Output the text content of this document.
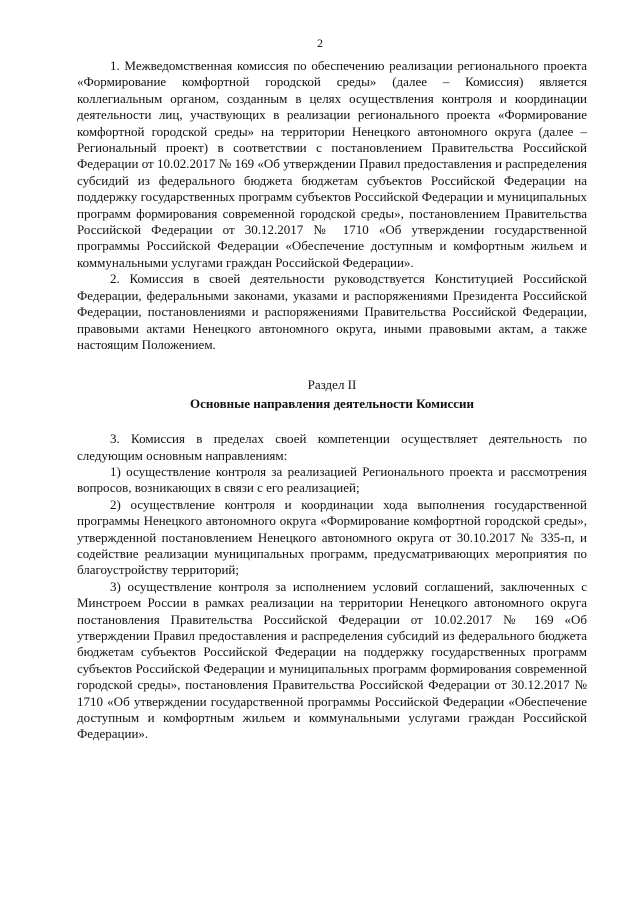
2

1. Межведомственная комиссия по обеспечению реализации регионального проекта «Формирование комфортной городской среды» (далее – Комиссия) является коллегиальным органом, созданным в целях осуществления контроля и координации деятельности лиц, участвующих в реализации регионального проекта «Формирование комфортной городской среды» на территории Ненецкого автономного округа (далее – Региональный проект) в соответствии с постановлением Правительства Российской Федерации от 10.02.2017 № 169 «Об утверждении Правил предоставления и распределения субсидий из федерального бюджета бюджетам субъектов Российской Федерации на поддержку государственных программ субъектов Российской Федерации и муниципальных программ формирования современной городской среды», постановлением Правительства Российской Федерации от 30.12.2017 № 1710 «Об утверждении государственной программы Российской Федерации «Обеспечение доступным и комфортным жильем и коммунальными услугами граждан Российской Федерации».

2. Комиссия в своей деятельности руководствуется Конституцией Российской Федерации, федеральными законами, указами и распоряжениями Президента Российской Федерации, постановлениями и распоряжениями Правительства Российской Федерации, правовыми актами Ненецкого автономного округа, иными правовыми актам, а также настоящим Положением.

Раздел II

Основные направления деятельности Комиссии

3. Комиссия в пределах своей компетенции осуществляет деятельность по следующим основным направлениям:

1) осуществление контроля за реализацией Регионального проекта и рассмотрения вопросов, возникающих в связи с его реализацией;

2) осуществление контроля и координации хода выполнения государственной программы Ненецкого автономного округа «Формирование комфортной городской среды», утвержденной постановлением Ненецкого автономного округа от 30.10.2017 № 335-п, и содействие реализации муниципальных программ, предусматривающих мероприятия по благоустройству территорий;

3) осуществление контроля за исполнением условий соглашений, заключенных с Минстроем России в рамках реализации на территории Ненецкого автономного округа постановления Правительства Российской Федерации от 10.02.2017 № 169 «Об утверждении Правил предоставления и распределения субсидий из федерального бюджета бюджетам субъектов Российской Федерации на поддержку государственных программ субъектов Российской Федерации и муниципальных программ формирования современной городской среды», постановления Правительства Российской Федерации от 30.12.2017 № 1710 «Об утверждении государственной программы Российской Федерации «Обеспечение доступным и комфортным жильем и коммунальными услугами граждан Российской Федерации».
